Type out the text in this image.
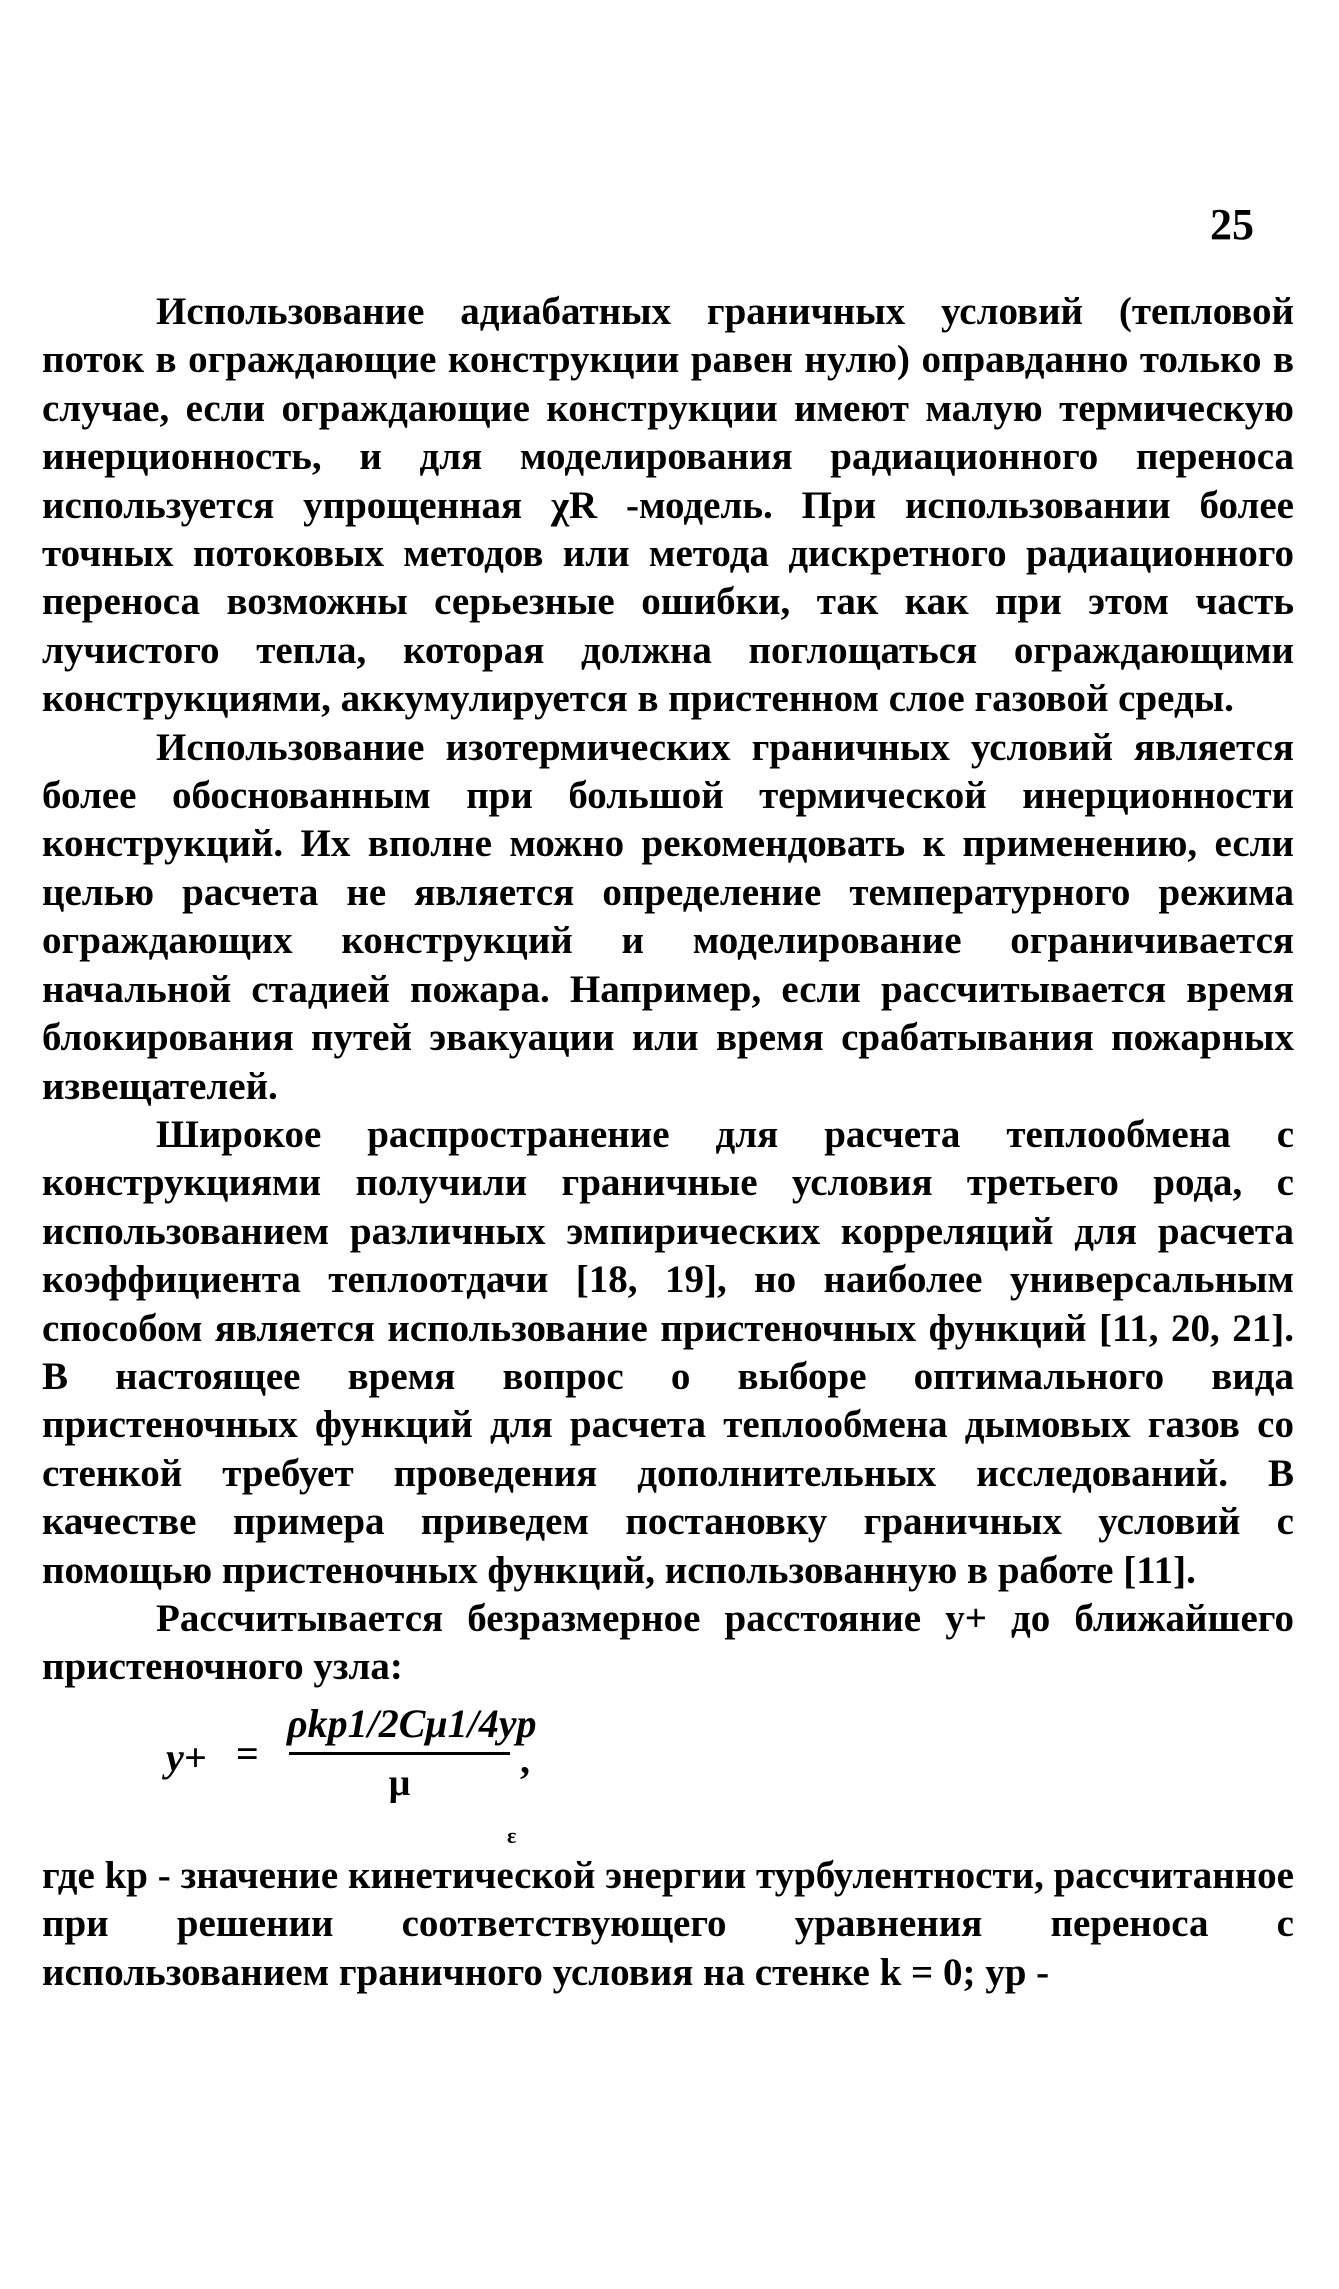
25

Использование адиабатных граничных условий (тепловой поток в ограждающие конструкции равен нулю) оправданно только в случае, если ограждающие конструкции имеют малую термическую инерционность, и для моделирования радиационного переноса используется упрощенная χR -модель. При использовании более точных потоковых методов или метода дискретного радиационного переноса возможны серьезные ошибки, так как при этом часть лучистого тепла, которая должна поглощаться ограждающими конструкциями, аккумулируется в пристенном слое газовой среды.

Использование изотермических граничных условий является более обоснованным при большой термической инерционности конструкций. Их вполне можно рекомендовать к применению, если целью расчета не является определение температурного режима ограждающих конструкций и моделирование ограничивается начальной стадией пожара. Например, если рассчитывается время блокирования путей эвакуации или время срабатывания пожарных извещателей.

Широкое распространение для расчета теплообмена с конструкциями получили граничные условия третьего рода, с использованием различных эмпирических корреляций для расчета коэффициента теплоотдачи [18, 19], но наиболее универсальным способом является использование пристеночных функций [11, 20, 21]. В настоящее время вопрос о выборе оптимального вида пристеночных функций для расчета теплообмена дымовых газов со стенкой требует проведения дополнительных исследований. В качестве примера приведем постановку граничных условий с помощью пристеночных функций, использованную в работе [11].

Рассчитывается безразмерное расстояние y+ до ближайшего пристеночного узла:

y+ =
ρkp1/2Cμ1/4yp
μ
,
ε

где kp - значение кинетической энергии турбулентности, рассчитанное при решении соответствующего уравнения переноса с использованием граничного условия на стенке k = 0; yp -
